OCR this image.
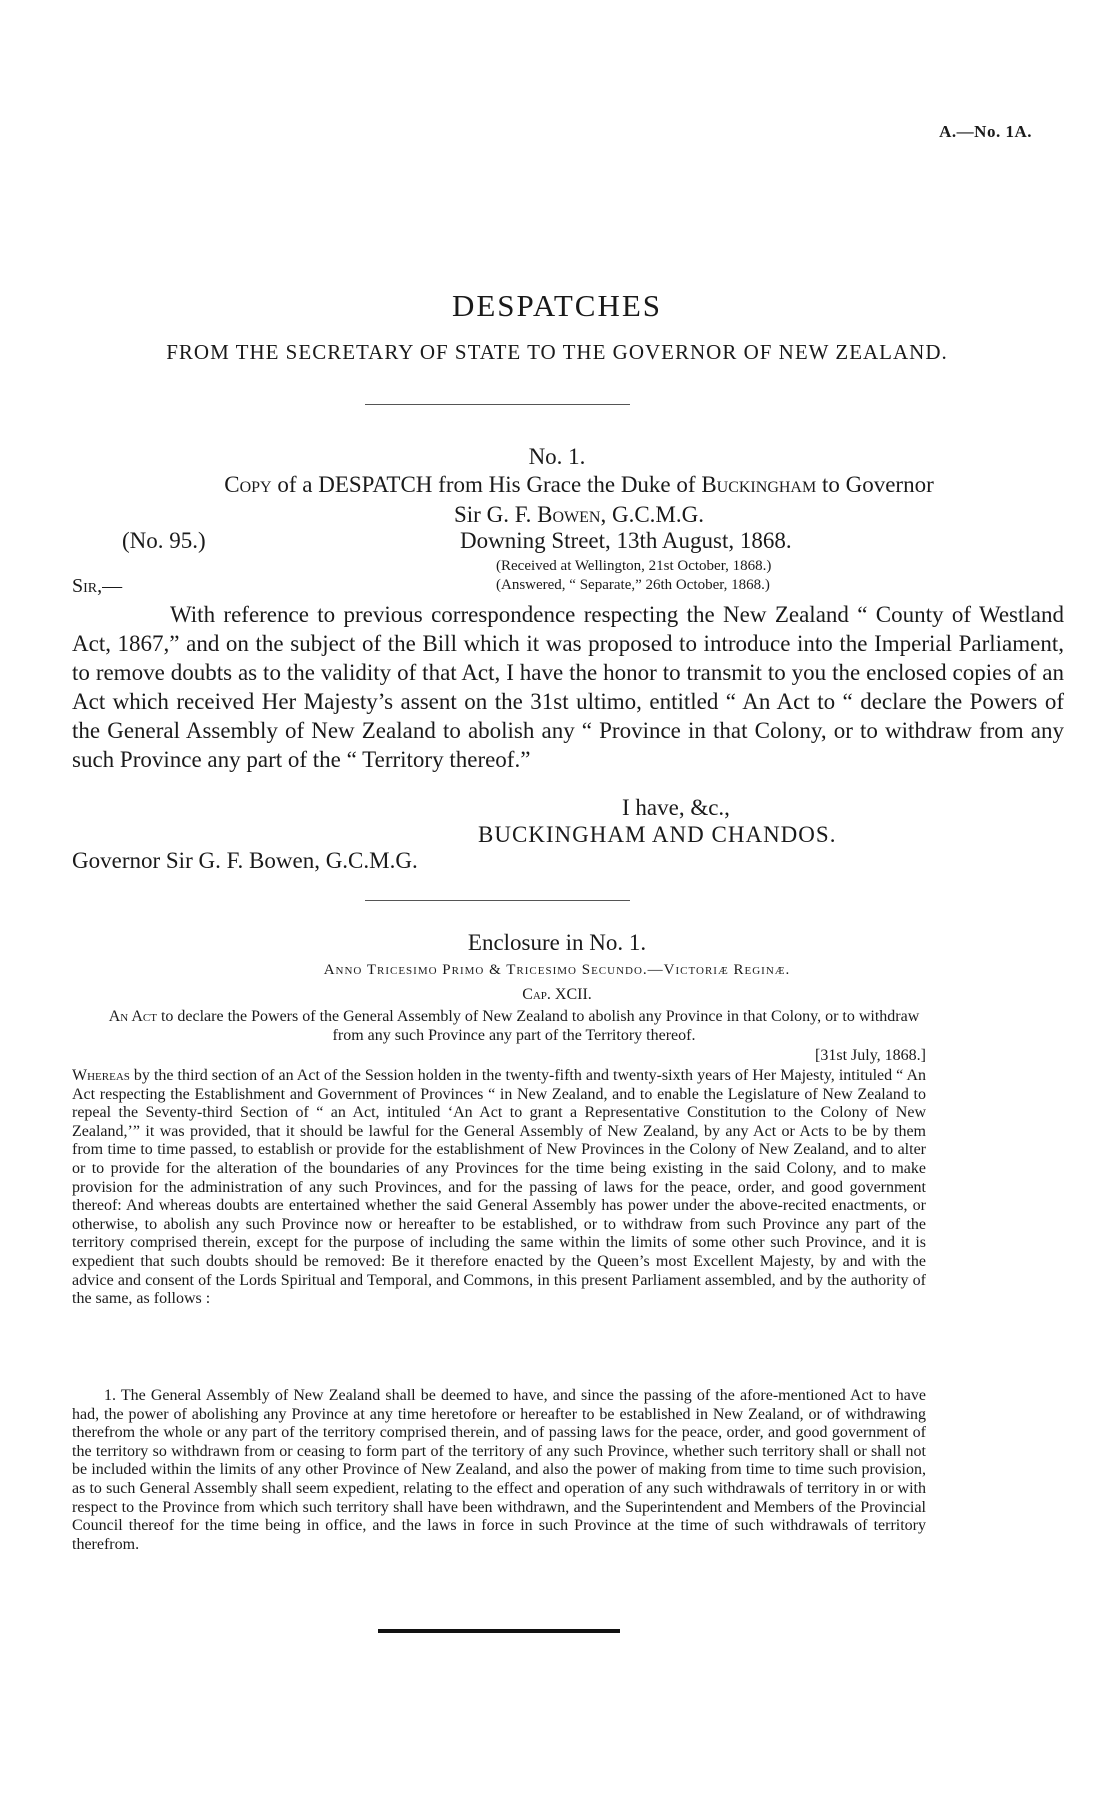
A.—No. 1A.
DESPATCHES
FROM THE SECRETARY OF STATE TO THE GOVERNOR OF NEW ZEALAND.
No. 1.
Copy of a DESPATCH from His Grace the Duke of Buckingham to Governor
Sir G. F. Bowen, G.C.M.G.
(No. 95.)	Downing Street, 13th August, 1868.
(Received at Wellington, 21st October, 1868.)
(Answered, “ Separate,” 26th October, 1868.)
Sir,—
With reference to previous correspondence respecting the New Zealand “ County of Westland Act, 1867,” and on the subject of the Bill which it was proposed to introduce into the Imperial Parliament, to remove doubts as to the validity of that Act, I have the honor to transmit to you the enclosed copies of an Act which received Her Majesty’s assent on the 31st ultimo, entitled “ An Act to “ declare the Powers of the General Assembly of New Zealand to abolish any “ Province in that Colony, or to withdraw from any such Province any part of the “ Territory thereof.”
I have, &c.,
BUCKINGHAM AND CHANDOS.
Governor Sir G. F. Bowen, G.C.M.G.
Enclosure in No. 1.
Anno Tricesimo Primo & Tricesimo Secundo.—Victoriæ Reginæ.
Cap. XCII.
An Act to declare the Powers of the General Assembly of New Zealand to abolish any Province in that Colony, or to withdraw from any such Province any part of the Territory thereof.
[31st July, 1868.]

Whereas by the third section of an Act of the Session holden in the twenty-fifth and twenty-sixth years of Her Majesty, intituled “ An Act respecting the Establishment and Government of Provinces “ in New Zealand, and to enable the Legislature of New Zealand to repeal the Seventy-third Section of “ an Act, intituled ‘An Act to grant a Representative Constitution to the Colony of New Zealand,’” it was provided, that it should be lawful for the General Assembly of New Zealand, by any Act or Acts to be by them from time to time passed, to establish or provide for the establishment of New Provinces in the Colony of New Zealand, and to alter or to provide for the alteration of the boundaries of any Provinces for the time being existing in the said Colony, and to make provision for the administration of any such Provinces, and for the passing of laws for the peace, order, and good government thereof: And whereas doubts are entertained whether the said General Assembly has power under the above-recited enactments, or otherwise, to abolish any such Province now or hereafter to be established, or to withdraw from such Province any part of the territory comprised therein, except for the purpose of including the same within the limits of some other such Province, and it is expedient that such doubts should be removed: Be it therefore enacted by the Queen’s most Excellent Majesty, by and with the advice and consent of the Lords Spiritual and Temporal, and Commons, in this present Parliament assembled, and by the authority of the same, as follows :

1. The General Assembly of New Zealand shall be deemed to have, and since the passing of the afore-mentioned Act to have had, the power of abolishing any Province at any time heretofore or hereafter to be established in New Zealand, or of withdrawing therefrom the whole or any part of the territory comprised therein, and of passing laws for the peace, order, and good government of the territory so withdrawn from or ceasing to form part of the territory of any such Province, whether such territory shall or shall not be included within the limits of any other Province of New Zealand, and also the power of making from time to time such provision, as to such General Assembly shall seem expedient, relating to the effect and operation of any such withdrawals of territory in or with respect to the Province from which such territory shall have been withdrawn, and the Superintendent and Members of the Provincial Council thereof for the time being in office, and the laws in force in such Province at the time of such withdrawals of territory therefrom.
